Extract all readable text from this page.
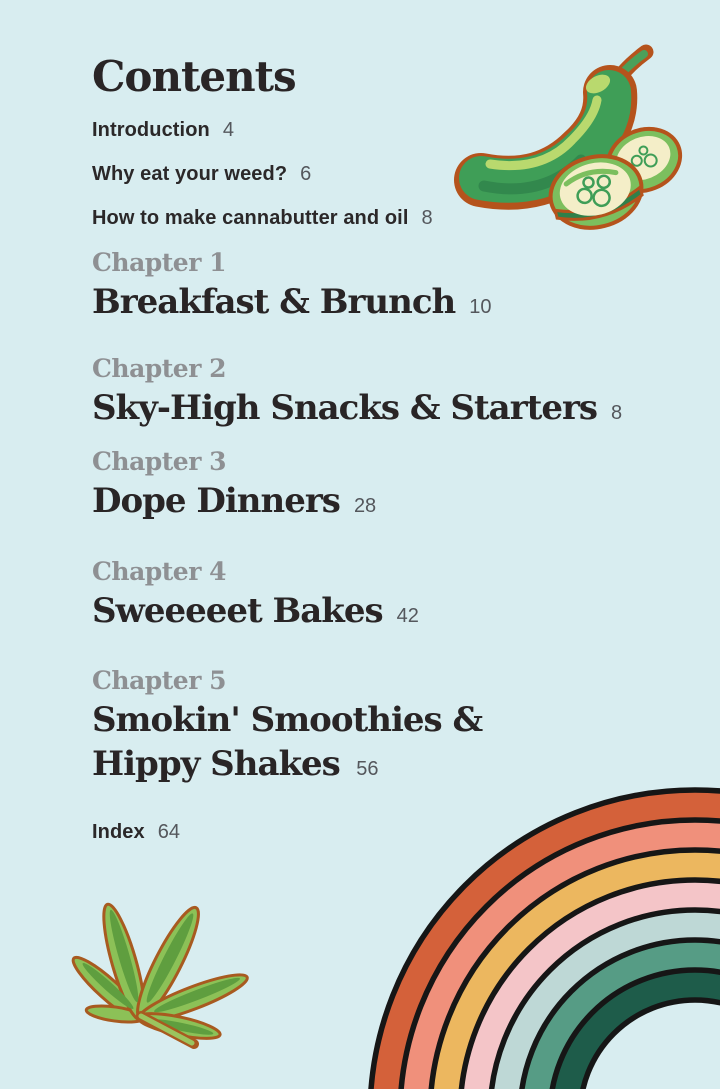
Contents
Introduction 4
Why eat your weed? 6
How to make cannabutter and oil 8
Chapter 1
Breakfast & Brunch 10
Chapter 2
Sky-High Snacks & Starters 8
Chapter 3
Dope Dinners 28
Chapter 4
Sweeeeet Bakes 42
Chapter 5
Smokin' Smoothies & Hippy Shakes 56
Index 64
